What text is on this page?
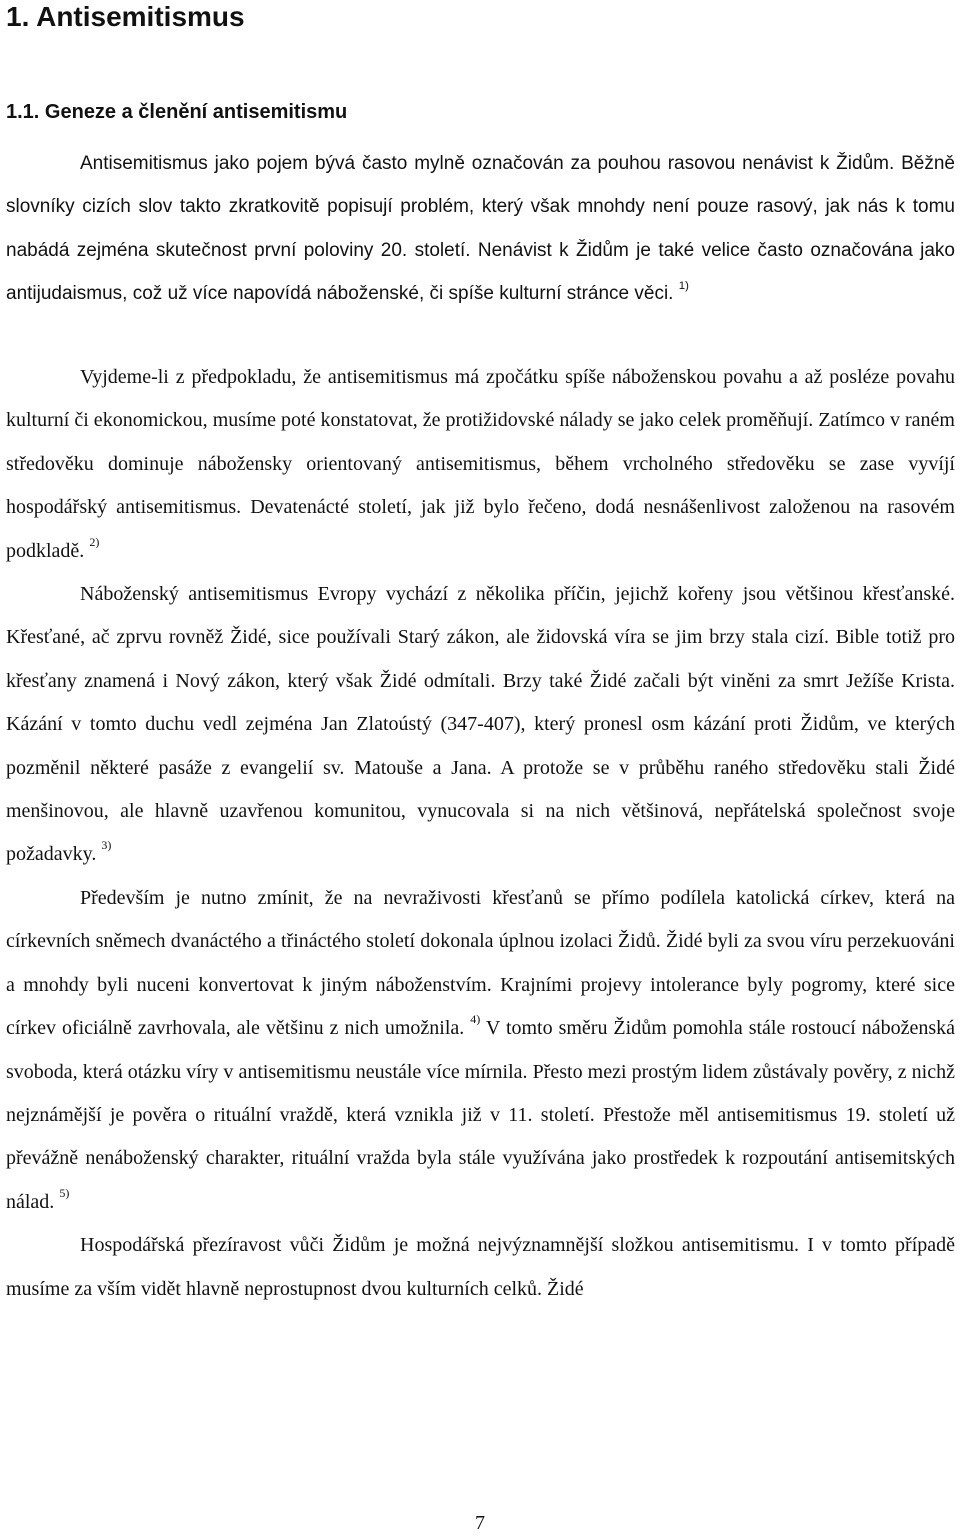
1. Antisemitismus
1.1. Geneze a členění antisemitismu

Antisemitismus jako pojem bývá často mylně označován za pouhou rasovou nenávist k Židům. Běžně slovníky cizích slov takto zkratkovitě popisují problém, který však mnohdy není pouze rasový, jak nás k tomu nabádá zejména skutečnost první poloviny 20. století. Nenávist k Židům je také velice často označována jako antijudaismus, což už více napovídá náboženské, či spíše kulturní stránce věci. $^{1)}$

Vyjdeme-li z předpokladu, že antisemitismus má zpočátku spíše náboženskou povahu a až posléze povahu kulturní či ekonomickou, musíme poté konstatovat, že protižidovské nálady se jako celek proměňují. Zatímco v raném středověku dominuje nábožensky orientovaný antisemitismus, během vrcholného středověku se zase vyvíjí hospodářský antisemitismus. Devatenácté století, jak již bylo řečeno, dodá nesnášenlivost založenou na rasovém podkladě. $^{2)}$

Náboženský antisemitismus Evropy vychází z několika příčin, jejichž kořeny jsou většinou křesťanské. Křesťané, ač zprvu rovněž Židé, sice používali Starý zákon, ale židovská víra se jim brzy stala cizí. Bible totiž pro křesťany znamená i Nový zákon, který však Židé odmítali. Brzy také Židé začali být viněni za smrt Ježíše Krista. Kázání v tomto duchu vedl zejména Jan Zlatoústý (347-407), který pronesl osm kázání proti Židům, ve kterých pozměnil některé pasáže z evangelií sv. Matouše a Jana. A protože se v průběhu raného středověku stali Židé menšinovou, ale hlavně uzavřenou komunitou, vynucovala si na nich většinová, nepřátelská společnost svoje požadavky. $^{3)}$

Především je nutno zmínit, že na nevraživosti křesťanů se přímo podílela katolická církev, která na církevních sněmech dvanáctého a třináctého století dokonala úplnou izolaci Židů. Židé byli za svou víru perzekuováni a mnohdy byli nuceni konvertovat k jiným náboženstvím. Krajními projevy intolerance byly pogromy, které sice církev oficiálně zavrhovala, ale většinu z nich umožnila. $^{4)}$ V tomto směru Židům pomohla stále rostoucí náboženská svoboda, která otázku víry v antisemitismu neustále více mírnila. Přesto mezi prostým lidem zůstávaly pověry, z nichž nejznámější je pověra o rituální vraždě, která vznikla již v 11. století. Přestože měl antisemitismus 19. století už převážně nenáboženský charakter, rituální vražda byla stále využívána jako prostředek k rozpoutání antisemitských nálad. $^{5)}$

Hospodářská přezíravost vůči Židům je možná nejvýznamnější složkou antisemitismu. I v tomto případě musíme za vším vidět hlavně neprostupnost dvou kulturních celků. Židé

7
